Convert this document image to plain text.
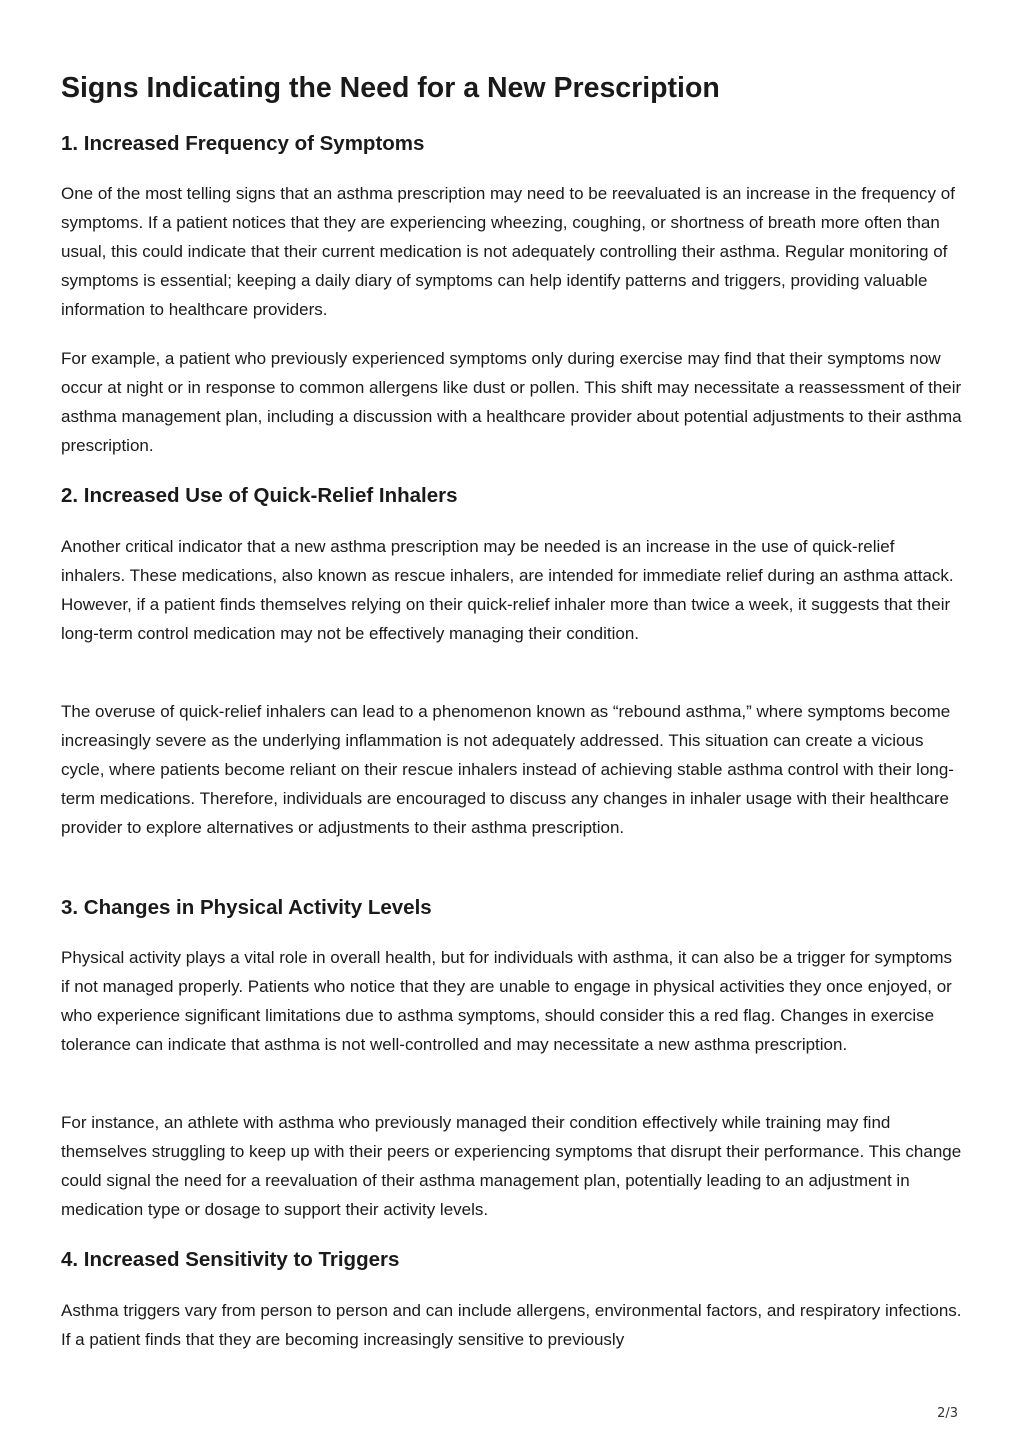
Signs Indicating the Need for a New Prescription
1. Increased Frequency of Symptoms

One of the most telling signs that an asthma prescription may need to be reevaluated is an increase in the frequency of symptoms. If a patient notices that they are experiencing wheezing, coughing, or shortness of breath more often than usual, this could indicate that their current medication is not adequately controlling their asthma. Regular monitoring of symptoms is essential; keeping a daily diary of symptoms can help identify patterns and triggers, providing valuable information to healthcare providers.

For example, a patient who previously experienced symptoms only during exercise may find that their symptoms now occur at night or in response to common allergens like dust or pollen. This shift may necessitate a reassessment of their asthma management plan, including a discussion with a healthcare provider about potential adjustments to their asthma prescription.

2. Increased Use of Quick-Relief Inhalers

Another critical indicator that a new asthma prescription may be needed is an increase in the use of quick-relief inhalers. These medications, also known as rescue inhalers, are intended for immediate relief during an asthma attack. However, if a patient finds themselves relying on their quick-relief inhaler more than twice a week, it suggests that their long-term control medication may not be effectively managing their condition.

The overuse of quick-relief inhalers can lead to a phenomenon known as “rebound asthma,” where symptoms become increasingly severe as the underlying inflammation is not adequately addressed. This situation can create a vicious cycle, where patients become reliant on their rescue inhalers instead of achieving stable asthma control with their long-term medications. Therefore, individuals are encouraged to discuss any changes in inhaler usage with their healthcare provider to explore alternatives or adjustments to their asthma prescription.

3. Changes in Physical Activity Levels

Physical activity plays a vital role in overall health, but for individuals with asthma, it can also be a trigger for symptoms if not managed properly. Patients who notice that they are unable to engage in physical activities they once enjoyed, or who experience significant limitations due to asthma symptoms, should consider this a red flag. Changes in exercise tolerance can indicate that asthma is not well-controlled and may necessitate a new asthma prescription.

For instance, an athlete with asthma who previously managed their condition effectively while training may find themselves struggling to keep up with their peers or experiencing symptoms that disrupt their performance. This change could signal the need for a reevaluation of their asthma management plan, potentially leading to an adjustment in medication type or dosage to support their activity levels.

4. Increased Sensitivity to Triggers

Asthma triggers vary from person to person and can include allergens, environmental factors, and respiratory infections. If a patient finds that they are becoming increasingly sensitive to previously

2/3
